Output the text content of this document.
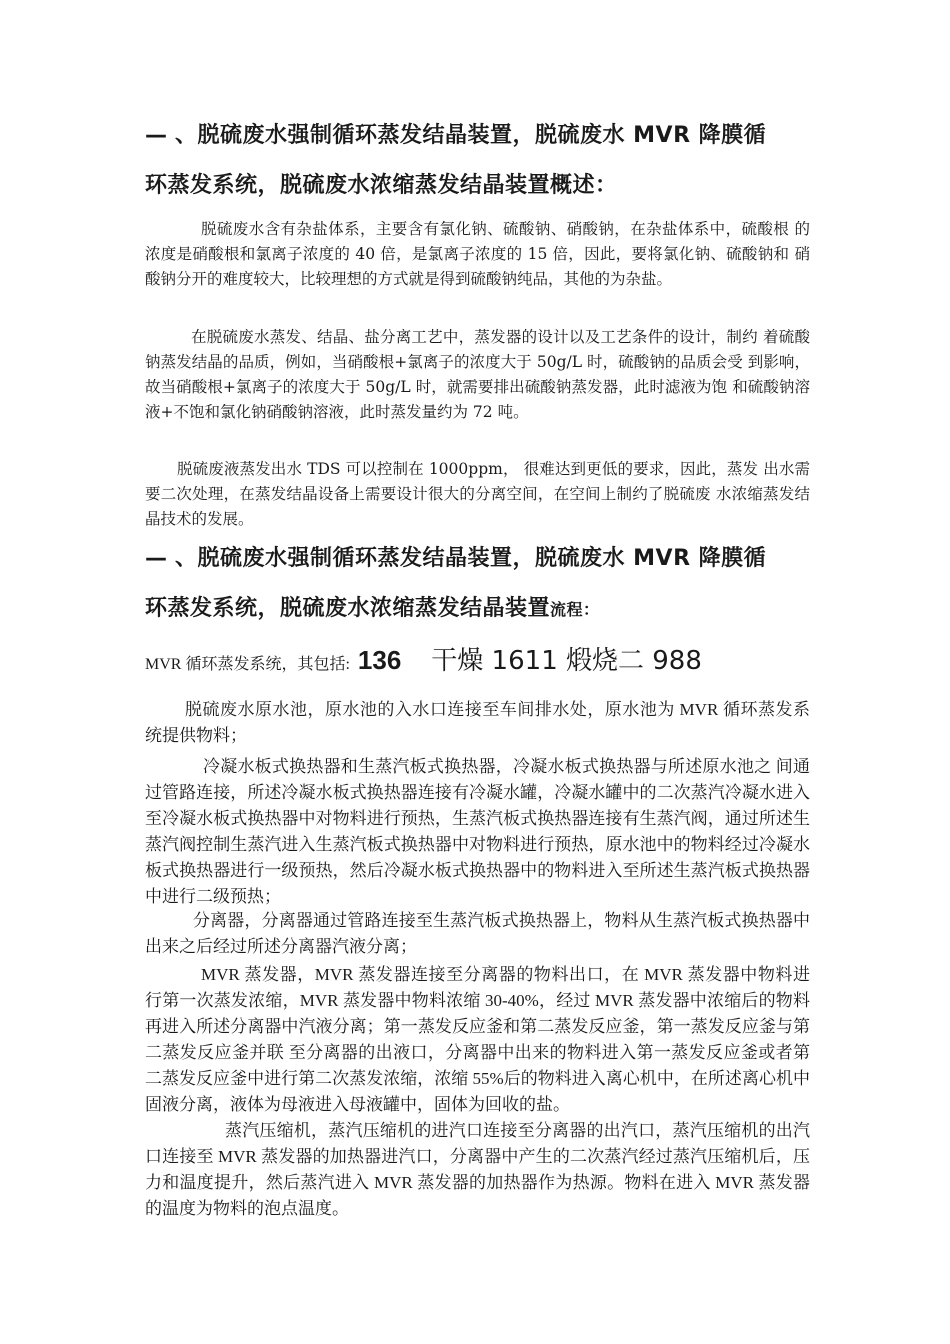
— 、脱硫废水强制循环蒸发结晶装置，脱硫废水 MVR 降膜循
环蒸发系统，脱硫废水浓缩蒸发结晶装置概述：

脱硫废水含有杂盐体系，主要含有氯化钠、硫酸钠、硝酸钠，在杂盐体系中，硫酸根 的浓度是硝酸根和氯离子浓度的 40 倍，是氯离子浓度的 15 倍，因此，要将氯化钠、硫酸钠和 硝酸钠分开的难度较大，比较理想的方式就是得到硫酸钠纯品，其他的为杂盐。

在脱硫废水蒸发、结晶、盐分离工艺中，蒸发器的设计以及工艺条件的设计，制约 着硫酸钠蒸发结晶的品质，例如，当硝酸根+氯离子的浓度大于 50g/L 时，硫酸钠的品质会受 到影响，故当硝酸根+氯离子的浓度大于 50g/L 时，就需要排出硫酸钠蒸发器，此时滤液为饱 和硫酸钠溶液+不饱和氯化钠硝酸钠溶液，此时蒸发量约为 72 吨。

脱硫废液蒸发出水 TDS 可以控制在 1000ppm， 很难达到更低的要求，因此，蒸发 出水需要二次处理，在蒸发结晶设备上需要设计很大的分离空间，在空间上制约了脱硫废 水浓缩蒸发结晶技术的发展。

— 、脱硫废水强制循环蒸发结晶装置，脱硫废水 MVR 降膜循
环蒸发系统，脱硫废水浓缩蒸发结晶装置流程：
MVR 循环蒸发系统，其包括: 136 干燥 1611 煅烧二 988

脱硫废水原水池，原水池的入水口连接至车间排水处，原水池为 MVR 循环蒸发系统提供物料；

冷凝水板式换热器和生蒸汽板式换热器，冷凝水板式换热器与所述原水池之 间通过管路连接，所述冷凝水板式换热器连接有冷凝水罐，冷凝水罐中的二次蒸汽冷凝水进入至冷凝水板式换热器中对物料进行预热，生蒸汽板式换热器连接有生蒸汽阀，通过所述生蒸汽阀控制生蒸汽进入生蒸汽板式换热器中对物料进行预热，原水池中的物料经过冷凝水板式换热器进行一级预热，然后冷凝水板式换热器中的物料进入至所述生蒸汽板式换热器中进行二级预热；

分离器，分离器通过管路连接至生蒸汽板式换热器上，物料从生蒸汽板式换热器中出来之后经过所述分离器汽液分离；

MVR 蒸发器，MVR 蒸发器连接至分离器的物料出口，在 MVR 蒸发器中物料进行第一次蒸发浓缩，MVR 蒸发器中物料浓缩 30-40%，经过 MVR 蒸发器中浓缩后的物料再进入所述分离器中汽液分离；第一蒸发反应釜和第二蒸发反应釜，第一蒸发反应釜与第二蒸发反应釜并联 至分离器的出液口，分离器中出来的物料进入第一蒸发反应釜或者第二蒸发反应釜中进行第二次蒸发浓缩，浓缩 55%后的物料进入离心机中，在所述离心机中固液分离，液体为母液进入母液罐中，固体为回收的盐。

蒸汽压缩机，蒸汽压缩机的进汽口连接至分离器的出汽口，蒸汽压缩机的出汽口连接至 MVR 蒸发器的加热器进汽口，分离器中产生的二次蒸汽经过蒸汽压缩机后，压力和温度提升，然后蒸汽进入 MVR 蒸发器的加热器作为热源。物料在进入 MVR 蒸发器的温度为物料的泡点温度。
